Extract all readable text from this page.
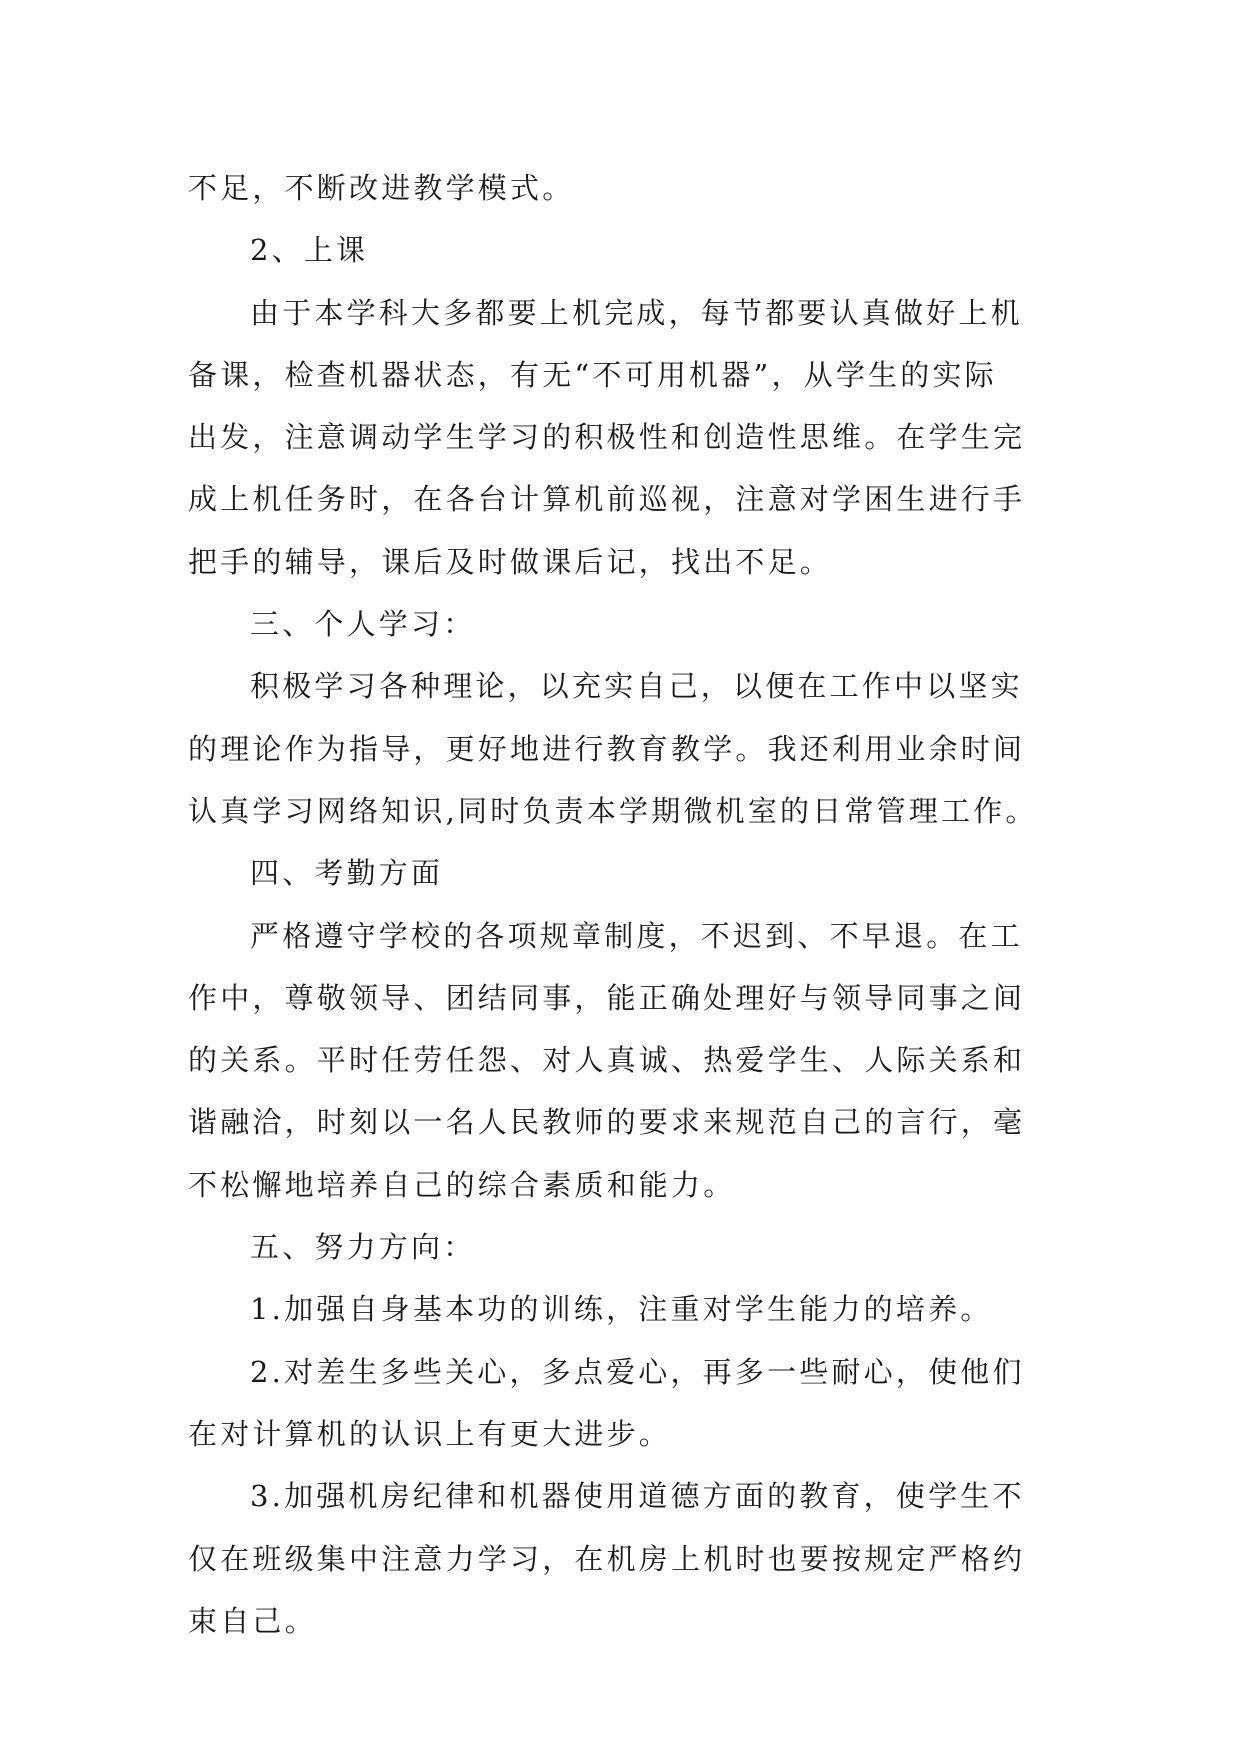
不足，不断改进教学模式。
2、上课
由于本学科大多都要上机完成，每节都要认真做好上机
备课，检查机器状态，有无“不可用机器”，从学生的实际
出发，注意调动学生学习的积极性和创造性思维。在学生完
成上机任务时，在各台计算机前巡视，注意对学困生进行手
把手的辅导，课后及时做课后记，找出不足。
三、个人学习：
积极学习各种理论，以充实自己，以便在工作中以坚实
的理论作为指导，更好地进行教育教学。我还利用业余时间
认真学习网络知识,同时负责本学期微机室的日常管理工作。
四、考勤方面
严格遵守学校的各项规章制度，不迟到、不早退。在工
作中，尊敬领导、团结同事，能正确处理好与领导同事之间
的关系。平时任劳任怨、对人真诚、热爱学生、人际关系和
谐融洽，时刻以一名人民教师的要求来规范自己的言行，毫
不松懈地培养自己的综合素质和能力。
五、努力方向：
1.加强自身基本功的训练，注重对学生能力的培养。
2.对差生多些关心，多点爱心，再多一些耐心，使他们
在对计算机的认识上有更大进步。
3.加强机房纪律和机器使用道德方面的教育，使学生不
仅在班级集中注意力学习，在机房上机时也要按规定严格约
束自己。
